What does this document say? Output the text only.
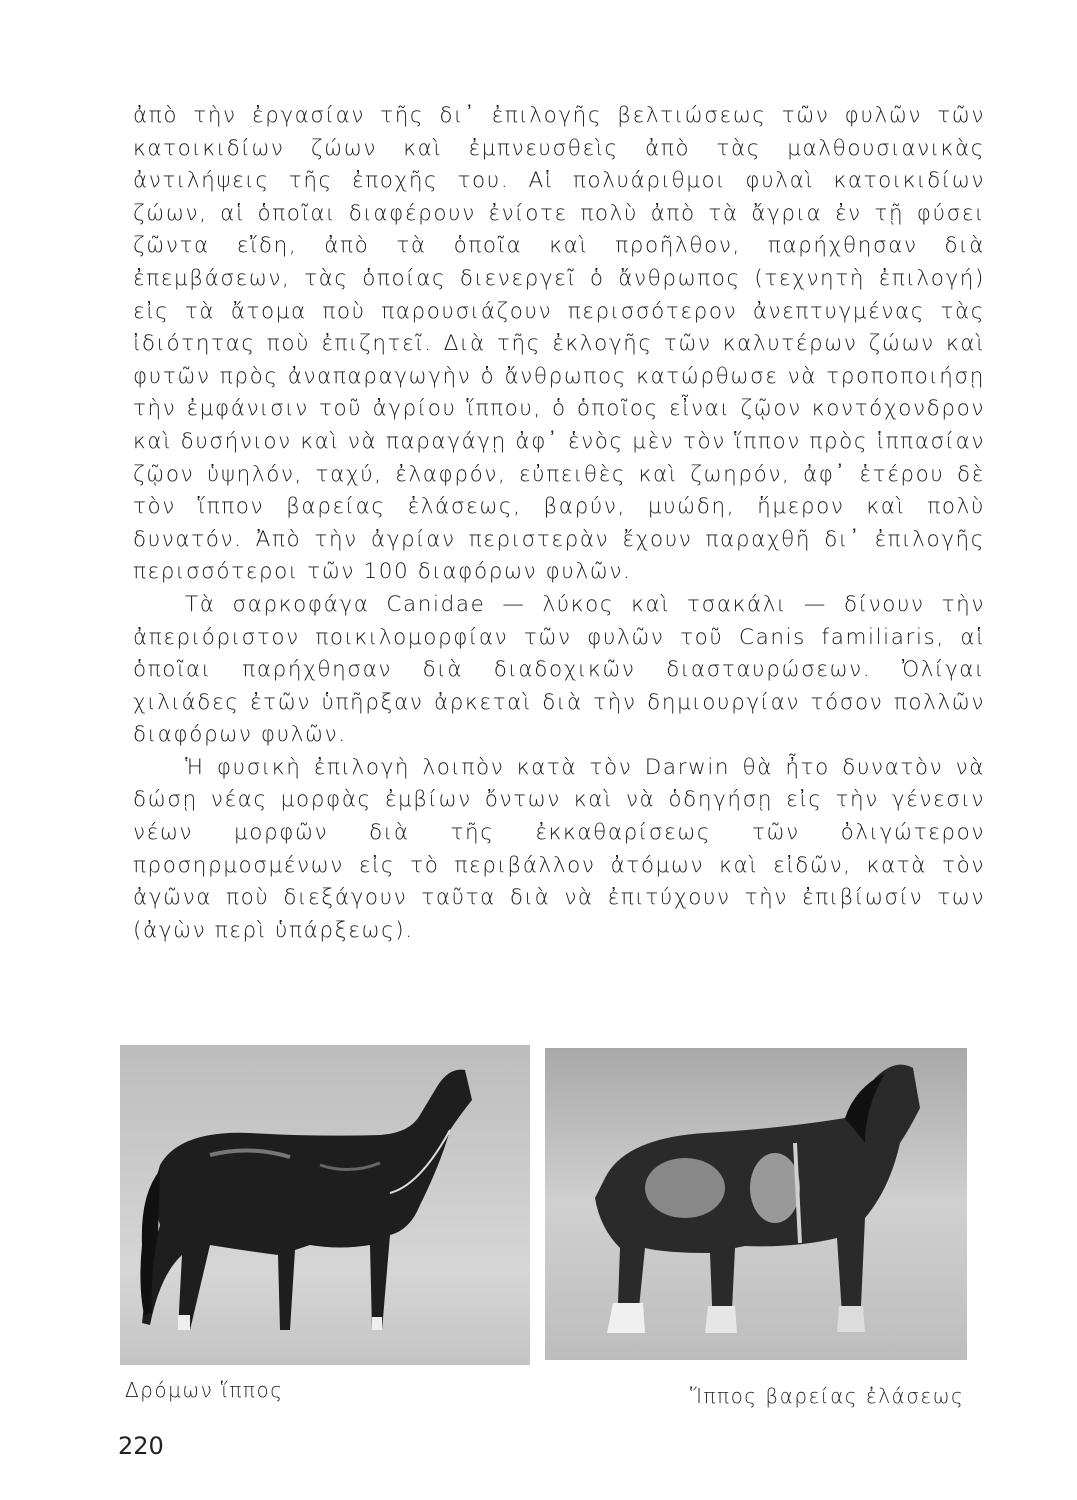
ἀπὸ τὴν ἐργασίαν τῆς δι᾽ ἐπιλογῆς βελτιώσεως τῶν φυλῶν τῶν κατοικιδίων ζώων καὶ ἐμπνευσθεὶς ἀπὸ τὰς μαλθουσιανικὰς ἀντιλήψεις τῆς ἐποχῆς του. Αἱ πολυάριθμοι φυλαὶ κατοικιδίων ζώων, αἱ ὁποῖαι διαφέρουν ἐνίοτε πολὺ ἀπὸ τὰ ἄγρια ἐν τῇ φύσει ζῶντα εἴδη, ἀπὸ τὰ ὁποῖα καὶ προῆλθον, παρήχθησαν διὰ ἐπεμβάσεων, τὰς ὁποίας διενεργεῖ ὁ ἄνθρωπος (τεχνητὴ ἐπιλογή) εἰς τὰ ἄτομα ποὺ παρουσιάζουν περισσότερον ἀνεπτυγμένας τὰς ἰδιότητας ποὺ ἐπιζητεῖ. Διὰ τῆς ἐκλογῆς τῶν καλυτέρων ζώων καὶ φυτῶν πρὸς ἀναπαραγωγὴν ὁ ἄνθρωπος κατώρθωσε νὰ τροποποιήσῃ τὴν ἐμφάνισιν τοῦ ἀγρίου ἵππου, ὁ ὁποῖος εἶναι ζῷον κοντόχονδρον καὶ δυσήνιον καὶ νὰ παραγάγῃ ἀφ᾽ ἑνὸς μὲν τὸν ἵππον πρὸς ἱππασίαν ζῷον ὑψηλόν, ταχύ, ἐλαφρόν, εὐπειθὲς καὶ ζωηρόν, ἀφ᾽ ἑτέρου δὲ τὸν ἵππον βαρείας ἐλάσεως, βαρύν, μυώδη, ἥμερον καὶ πολὺ δυνατόν. Ἀπὸ τὴν ἀγρίαν περιστερὰν ἔχουν παραχθῆ δι᾽ ἐπιλογῆς περισσότεροι τῶν 100 διαφόρων φυλῶν.

Τὰ σαρκοφάγα Canidae — λύκος καὶ τσακάλι — δίνουν τὴν ἀπεριόριστον ποικιλομορφίαν τῶν φυλῶν τοῦ Canis familiaris, αἱ ὁποῖαι παρήχθησαν διὰ διαδοχικῶν διασταυρώσεων. Ὀλίγαι χιλιάδες ἐτῶν ὑπῆρξαν ἀρκεταὶ διὰ τὴν δημιουργίαν τόσον πολλῶν διαφόρων φυλῶν.

Ἡ φυσικὴ ἐπιλογὴ λοιπὸν κατὰ τὸν Darwin θὰ ἦτο δυνατὸν νὰ δώσῃ νέας μορφὰς ἐμβίων ὄντων καὶ νὰ ὁδηγήσῃ εἰς τὴν γένεσιν νέων μορφῶν διὰ τῆς ἐκκαθαρίσεως τῶν ὀλιγώτερον προσηρμοσμένων εἰς τὸ περιβάλλον ἀτόμων καὶ εἰδῶν, κατὰ τὸν ἀγῶνα ποὺ διεξάγουν ταῦτα διὰ νὰ ἐπιτύχουν τὴν ἐπιβίωσίν των (ἀγὼν περὶ ὑπάρξεως).

Δρόμων ἵππος	Ἵππος βαρείας ἐλάσεως
220
